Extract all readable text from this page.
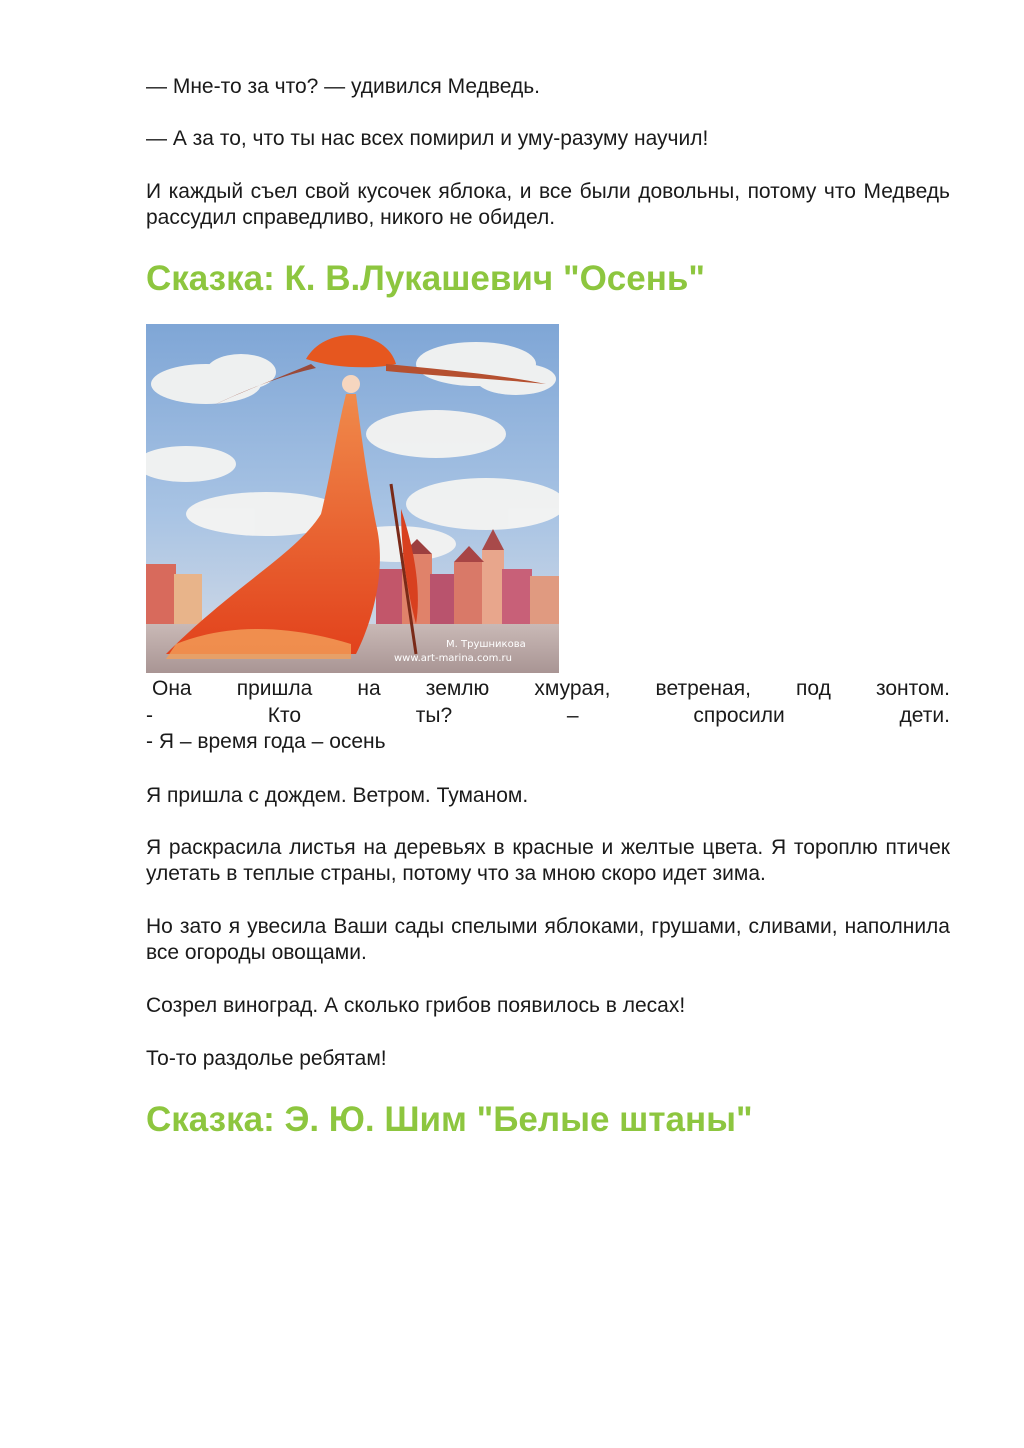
— Мне-то за что? — удивился Медведь.

— А за то, что ты нас всех помирил и уму-разуму научил!

И каждый съел свой кусочек яблока, и все были довольны, потому что Медведь рассудил справедливо, никого не обидел.

Сказка: К. В.Лукашевич "Осень"
М. Трушникова
www.art-marina.com.ru
Она пришла на землю хмурая, ветреная, под зонтом.
-	Кто	ты?	–	спросили	дети.

- Я – время года – осень

Я пришла с дождем. Ветром. Туманом.

Я раскрасила листья на деревьях в красные и желтые цвета. Я тороплю птичек улетать в теплые страны, потому что за мною скоро идет зима.

Но зато я увесила Ваши сады спелыми яблоками, грушами, сливами, наполнила все огороды овощами.

Созрел виноград. А сколько грибов появилось в лесах!

То-то раздолье ребятам!

Сказка: Э. Ю. Шим "Белые штаны"
